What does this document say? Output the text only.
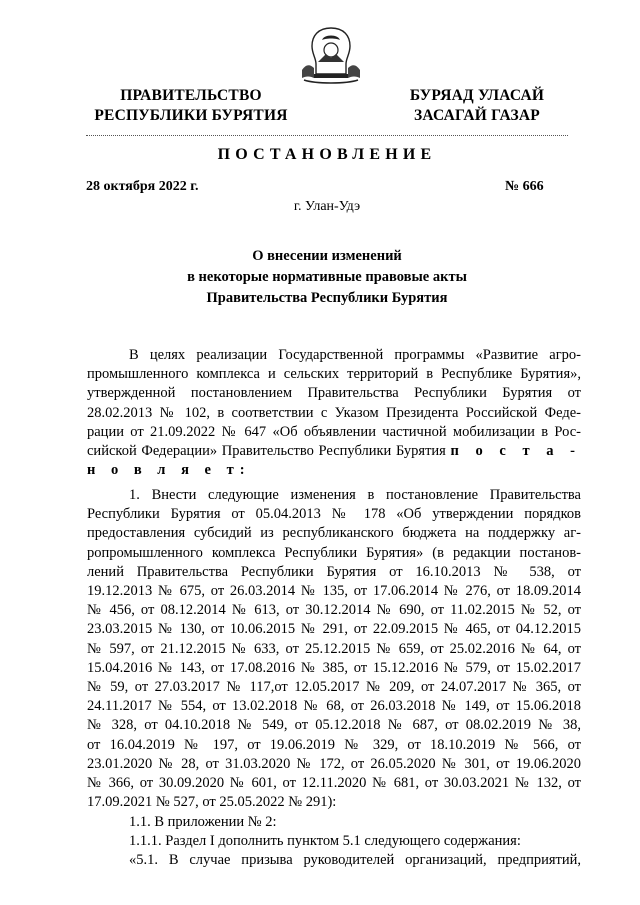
ПРАВИТЕЛЬСТВО
РЕСПУБЛИКИ БУРЯТИЯ
БУРЯАД УЛАСАЙ
ЗАСАГАЙ ГАЗАР
ПОСТАНОВЛЕНИЕ
28 октября 2022 г.	№ 666
г. Улан-Удэ
О внесении изменений
в некоторые нормативные правовые акты
Правительства Республики Бурятия
В целях реализации Государственной программы «Развитие агро-
промышленного комплекса и сельских территорий в Республике Бурятия»,
утвержденной постановлением Правительства Республики Бурятия от
28.02.2013 № 102, в соответствии с Указом Президента Российской Феде-
рации от 21.09.2022 № 647 «Об объявлении частичной мобилизации в Рос-
сийской Федерации» Правительство Республики Бурятия п о с т а -
н о в л я е т:
1. Внести следующие изменения в постановление Правительства
Республики Бурятия от 05.04.2013 № 178 «Об утверждении порядков
предоставления субсидий из республиканского бюджета на поддержку аг-
ропромышленного комплекса Республики Бурятия» (в редакции постанов-
лений Правительства Республики Бурятия от 16.10.2013 № 538, от
19.12.2013 № 675, от 26.03.2014 № 135, от 17.06.2014 № 276, от 18.09.2014
№ 456, от 08.12.2014 № 613, от 30.12.2014 № 690, от 11.02.2015 № 52, от
23.03.2015 № 130, от 10.06.2015 № 291, от 22.09.2015 № 465, от 04.12.2015
№ 597, от 21.12.2015 № 633, от 25.12.2015 № 659, от 25.02.2016 № 64, от
15.04.2016 № 143, от 17.08.2016 № 385, от 15.12.2016 № 579, от 15.02.2017
№ 59, от 27.03.2017 № 117,от 12.05.2017 № 209, от 24.07.2017 № 365, от
24.11.2017 № 554, от 13.02.2018 № 68, от 26.03.2018 № 149, от 15.06.2018
№ 328, от 04.10.2018 № 549, от 05.12.2018 № 687, от 08.02.2019 № 38,
от 16.04.2019 № 197, от 19.06.2019 № 329, от 18.10.2019 № 566, от
23.01.2020 № 28, от 31.03.2020 № 172, от 26.05.2020 № 301, от 19.06.2020
№ 366, от 30.09.2020 № 601, от 12.11.2020 № 681, от 30.03.2021 № 132, от
17.09.2021 № 527, от 25.05.2022 № 291):
1.1. В приложении № 2:
1.1.1. Раздел I дополнить пунктом 5.1 следующего содержания:
«5.1. В случае призыва руководителей организаций, предприятий,
